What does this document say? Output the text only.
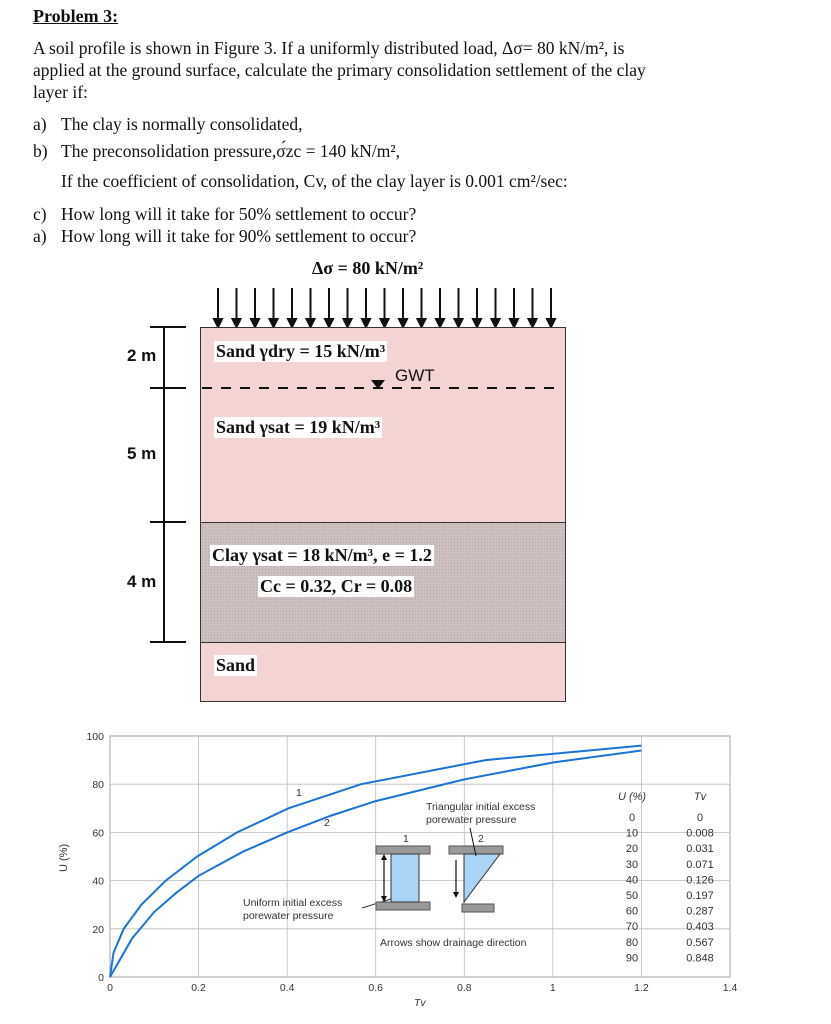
Problem 3:
A soil profile is shown in Figure 3. If a uniformly distributed load, Δσ= 80 kN/m², is
applied at the ground surface, calculate the primary consolidation settlement of the clay
layer if:
a) The clay is normally consolidated,
b) The preconsolidation pressure,σ́zc = 140 kN/m²,
If the coefficient of consolidation, Cv, of the clay layer is 0.001 cm²/sec:
c) How long will it take for 50% settlement to occur?
a) How long will it take for 90% settlement to occur?
Δσ = 80 kN/m²
2 m
5 m
4 m
GWT
Sand γdry = 15 kN/m³
Sand γsat = 19 kN/m³
Clay γsat = 18 kN/m³, e = 1.2
Cc = 0.32, Cr = 0.08
Sand
0	0.2	0.4	0.6	0.8	1	1.2	1.4
0
20
40
60
80
100
1
2
Triangular initial excess
porewater pressure
1	2
Uniform initial excess
porewater pressure
Arrows show drainage direction
U (%)
Tv
U (%)	Tv
0	0
10	0.008
20	0.031
30	0.071
40	0.126
50	0.197
60	0.287
70	0.403
80	0.567
90	0.848
